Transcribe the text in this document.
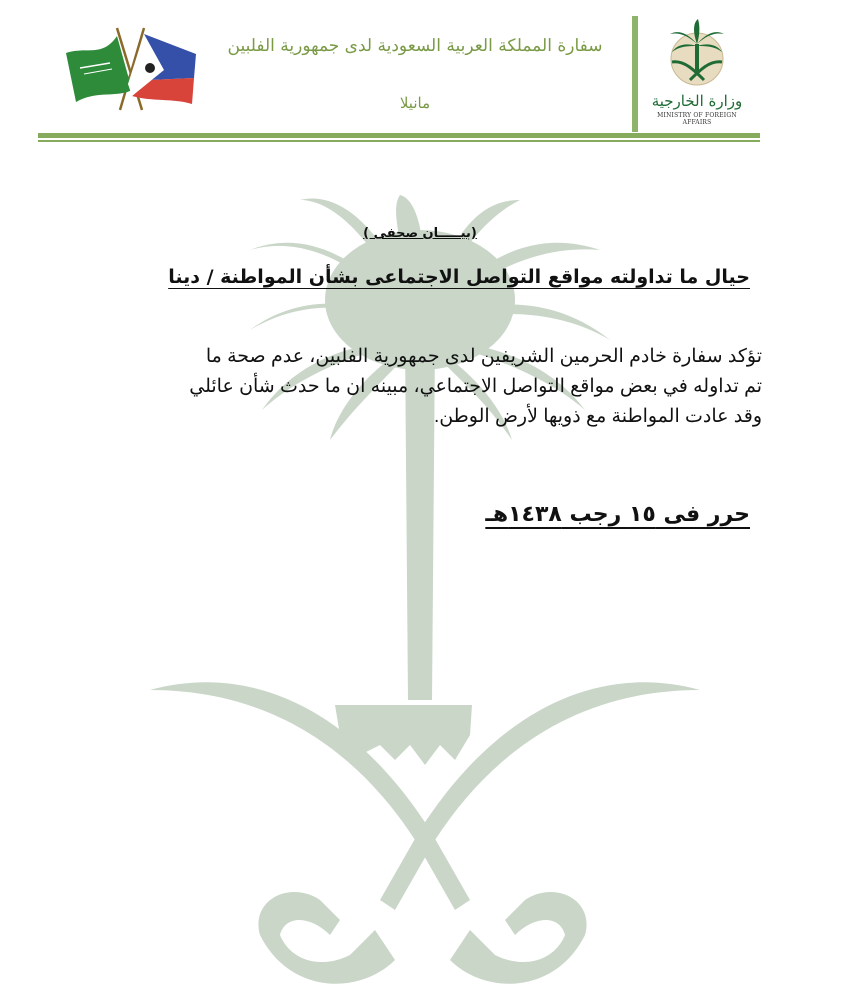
سفارة المملكة العربية السعودية لدى جمهورية الفلبين
مانيلا	وزارة الخارجية
MINISTRY OF FOREIGN AFFAIRS
(بيـــــان صحفى )
حيال ما تداولته مواقع التواصل الاجتماعى بشأن المواطنة / دينا
تؤكد سفارة خادم الحرمين الشريفين لدى جمهورية الفلبين، عدم صحة ما
تم تداوله في بعض مواقع التواصل الاجتماعي، مبينه ان ما حدث شأن عائلي
وقد عادت المواطنة مع ذويها لأرض الوطن.
حرر فى ١٥ رجب ١٤٣٨هـ
